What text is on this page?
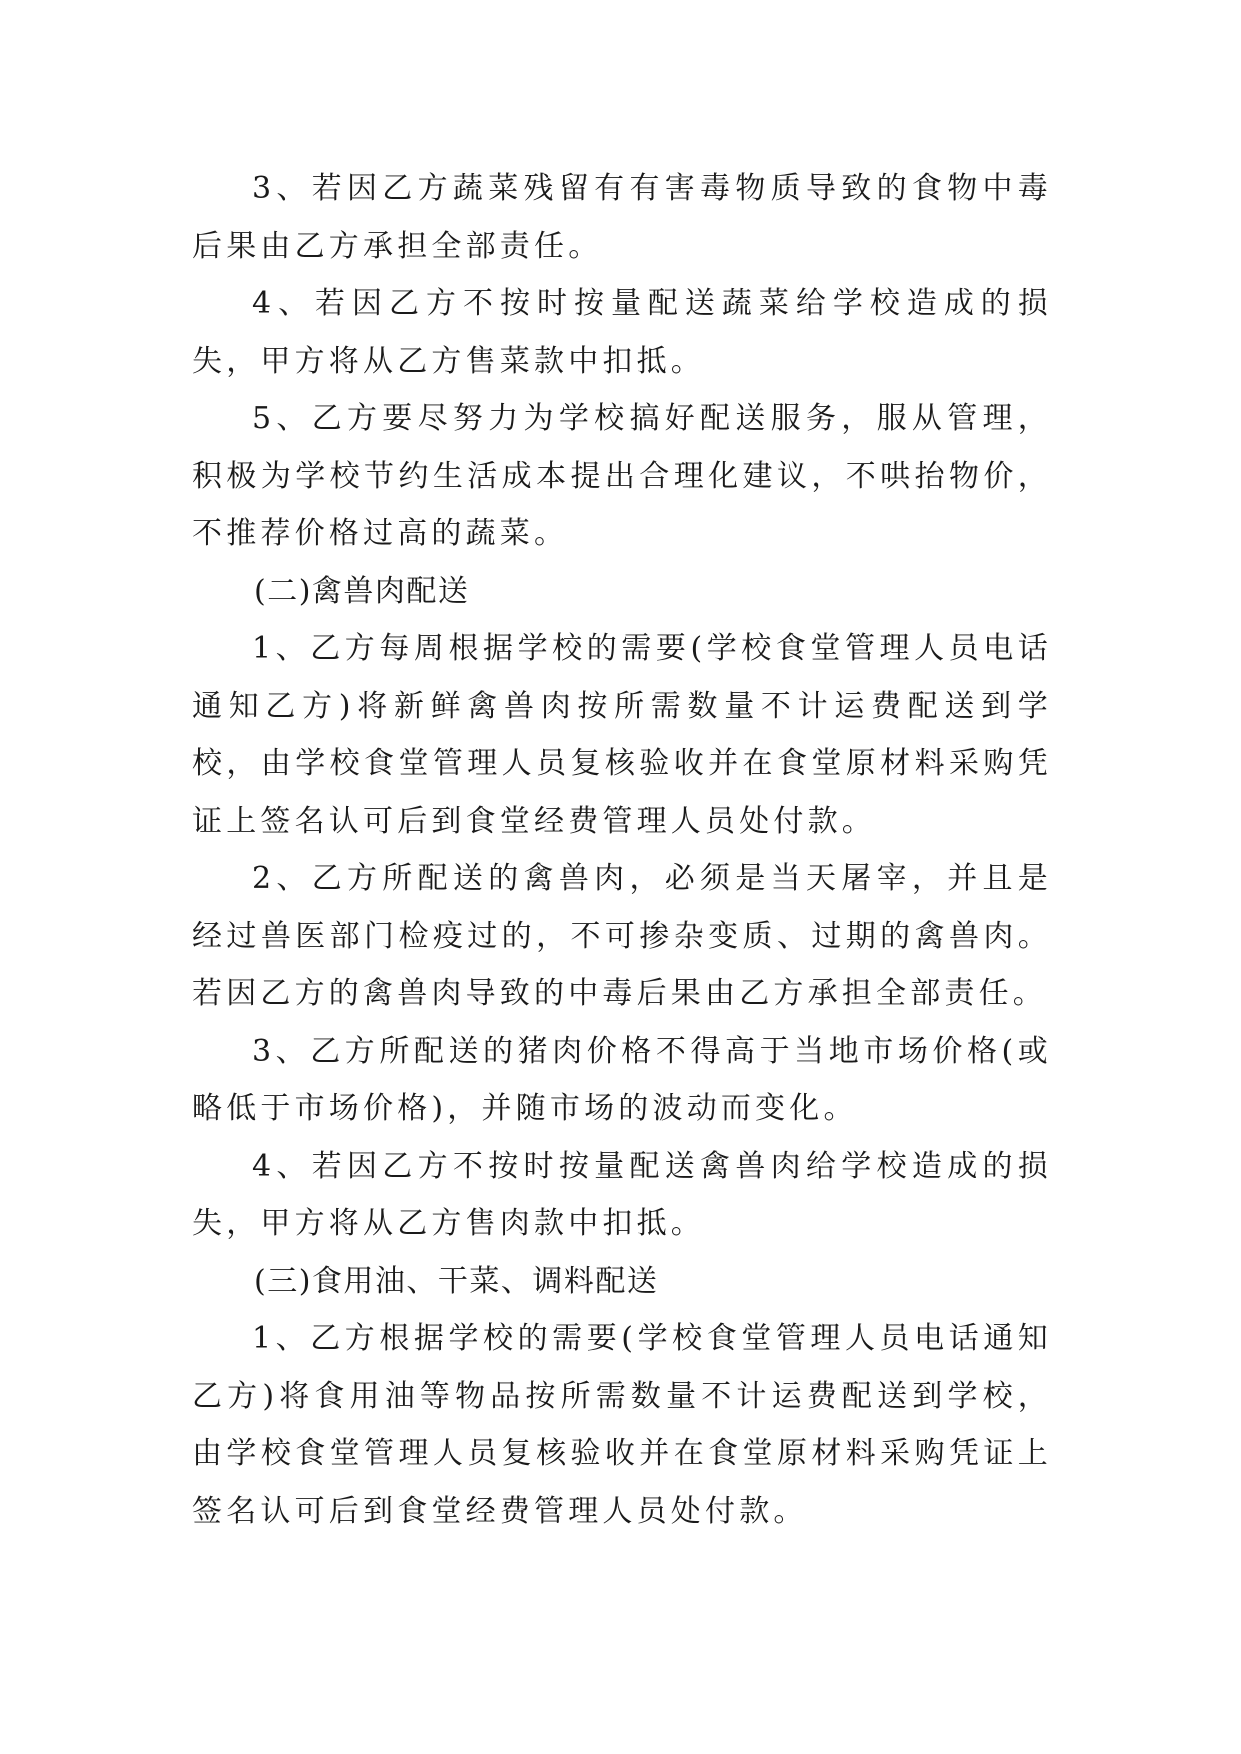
3、若因乙方蔬菜残留有有害毒物质导致的食物中毒后果由乙方承担全部责任。

4、若因乙方不按时按量配送蔬菜给学校造成的损失，甲方将从乙方售菜款中扣抵。

5、乙方要尽努力为学校搞好配送服务，服从管理，积极为学校节约生活成本提出合理化建议，不哄抬物价，不推荐价格过高的蔬菜。

(二)禽兽肉配送

1、乙方每周根据学校的需要(学校食堂管理人员电话通知乙方)将新鲜禽兽肉按所需数量不计运费配送到学校，由学校食堂管理人员复核验收并在食堂原材料采购凭证上签名认可后到食堂经费管理人员处付款。

2、乙方所配送的禽兽肉，必须是当天屠宰，并且是经过兽医部门检疫过的，不可掺杂变质、过期的禽兽肉。若因乙方的禽兽肉导致的中毒后果由乙方承担全部责任。

3、乙方所配送的猪肉价格不得高于当地市场价格(或略低于市场价格)，并随市场的波动而变化。

4、若因乙方不按时按量配送禽兽肉给学校造成的损失，甲方将从乙方售肉款中扣抵。

(三)食用油、干菜、调料配送

1、乙方根据学校的需要(学校食堂管理人员电话通知乙方)将食用油等物品按所需数量不计运费配送到学校，由学校食堂管理人员复核验收并在食堂原材料采购凭证上签名认可后到食堂经费管理人员处付款。
